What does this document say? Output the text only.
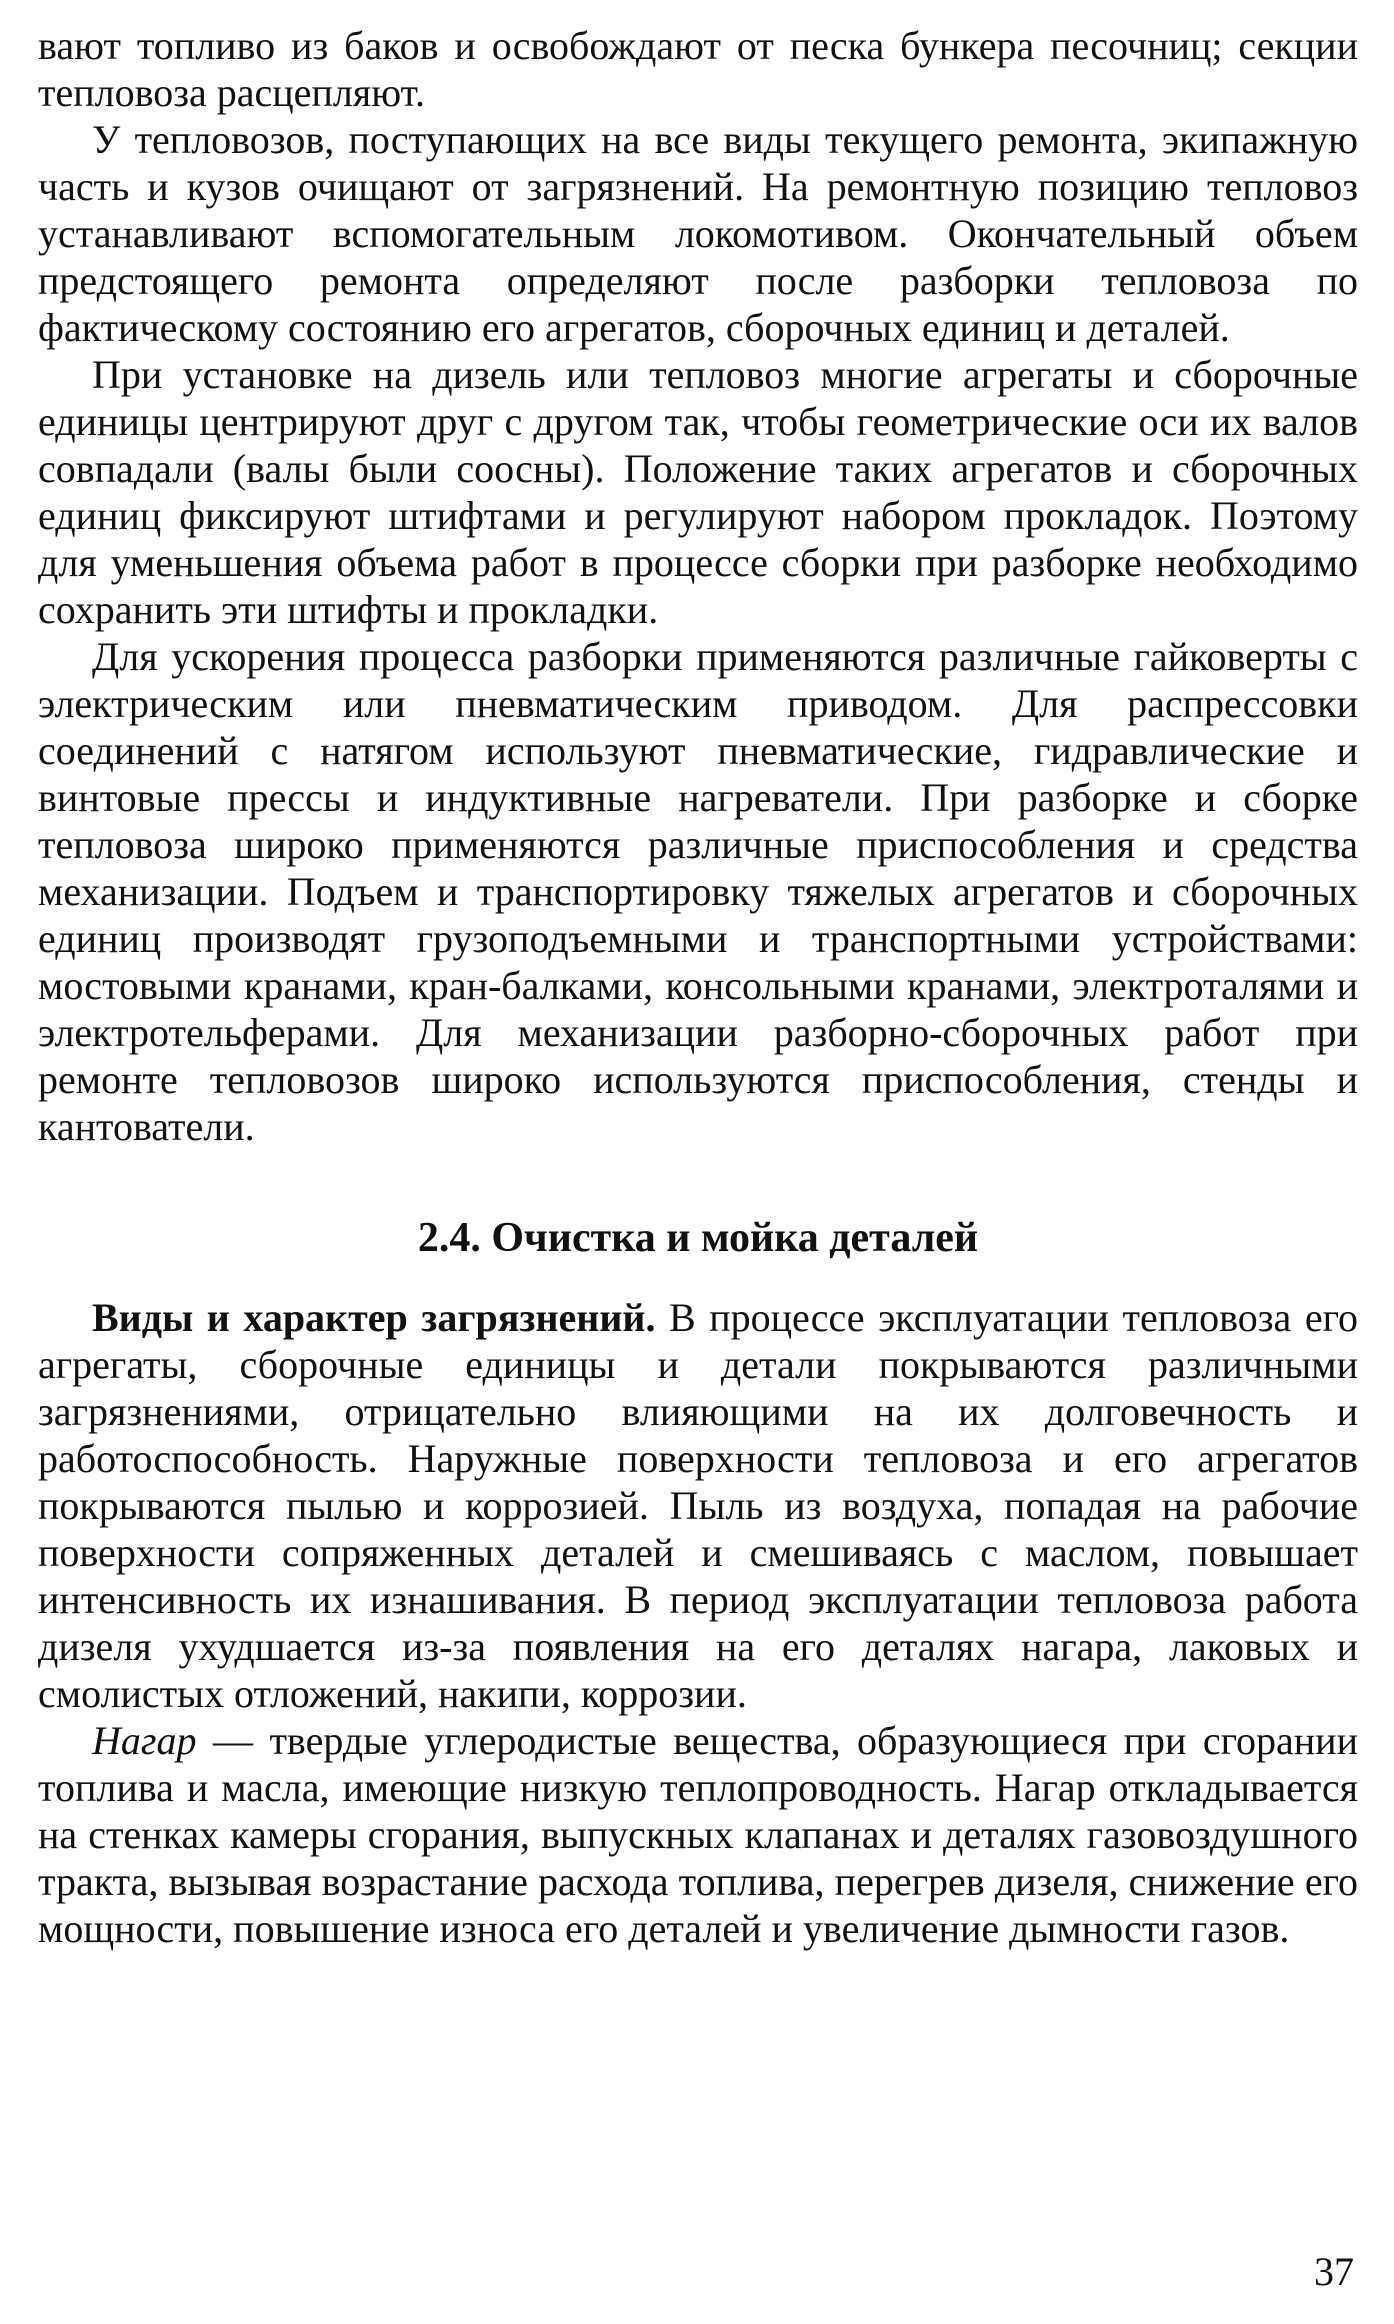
вают топливо из баков и освобождают от песка бункера песочниц; секции тепловоза расцепляют.

У тепловозов, поступающих на все виды текущего ремонта, экипажную часть и кузов очищают от загрязнений. На ремонтную позицию тепловоз устанавливают вспомогательным локомотивом. Окончательный объем предстоящего ремонта определяют после разборки тепловоза по фактическому состоянию его агрегатов, сборочных единиц и деталей.

При установке на дизель или тепловоз многие агрегаты и сборочные единицы центрируют друг с другом так, чтобы геометрические оси их валов совпадали (валы были соосны). Положение таких агрегатов и сборочных единиц фиксируют штифтами и регулируют набором прокладок. Поэтому для уменьшения объема работ в процессе сборки при разборке необходимо сохранить эти штифты и прокладки.

Для ускорения процесса разборки применяются различные гайковерты с электрическим или пневматическим приводом. Для распрессовки соединений с натягом используют пневматические, гидравлические и винтовые прессы и индуктивные нагреватели. При разборке и сборке тепловоза широко применяются различные приспособления и средства механизации. Подъем и транспортировку тяжелых агрегатов и сборочных единиц производят грузоподъемными и транспортными устройствами: мостовыми кранами, кран-балками, консольными кранами, электроталями и электротельферами. Для механизации разборно-сборочных работ при ремонте тепловозов широко используются приспособления, стенды и кантователи.

2.4. Очистка и мойка деталей

Виды и характер загрязнений. В процессе эксплуатации тепловоза его агрегаты, сборочные единицы и детали покрываются различными загрязнениями, отрицательно влияющими на их долговечность и работоспособность. Наружные поверхности тепловоза и его агрегатов покрываются пылью и коррозией. Пыль из воздуха, попадая на рабочие поверхности сопряженных деталей и смешиваясь с маслом, повышает интенсивность их изнашивания. В период эксплуатации тепловоза работа дизеля ухудшается из-за появления на его деталях нагара, лаковых и смолистых отложений, накипи, коррозии.

Нагар — твердые углеродистые вещества, образующиеся при сгорании топлива и масла, имеющие низкую теплопроводность. Нагар откладывается на стенках камеры сгорания, выпускных клапанах и деталях газовоздушного тракта, вызывая возрастание расхода топлива, перегрев дизеля, снижение его мощности, повышение износа его деталей и увеличение дымности газов.

37
